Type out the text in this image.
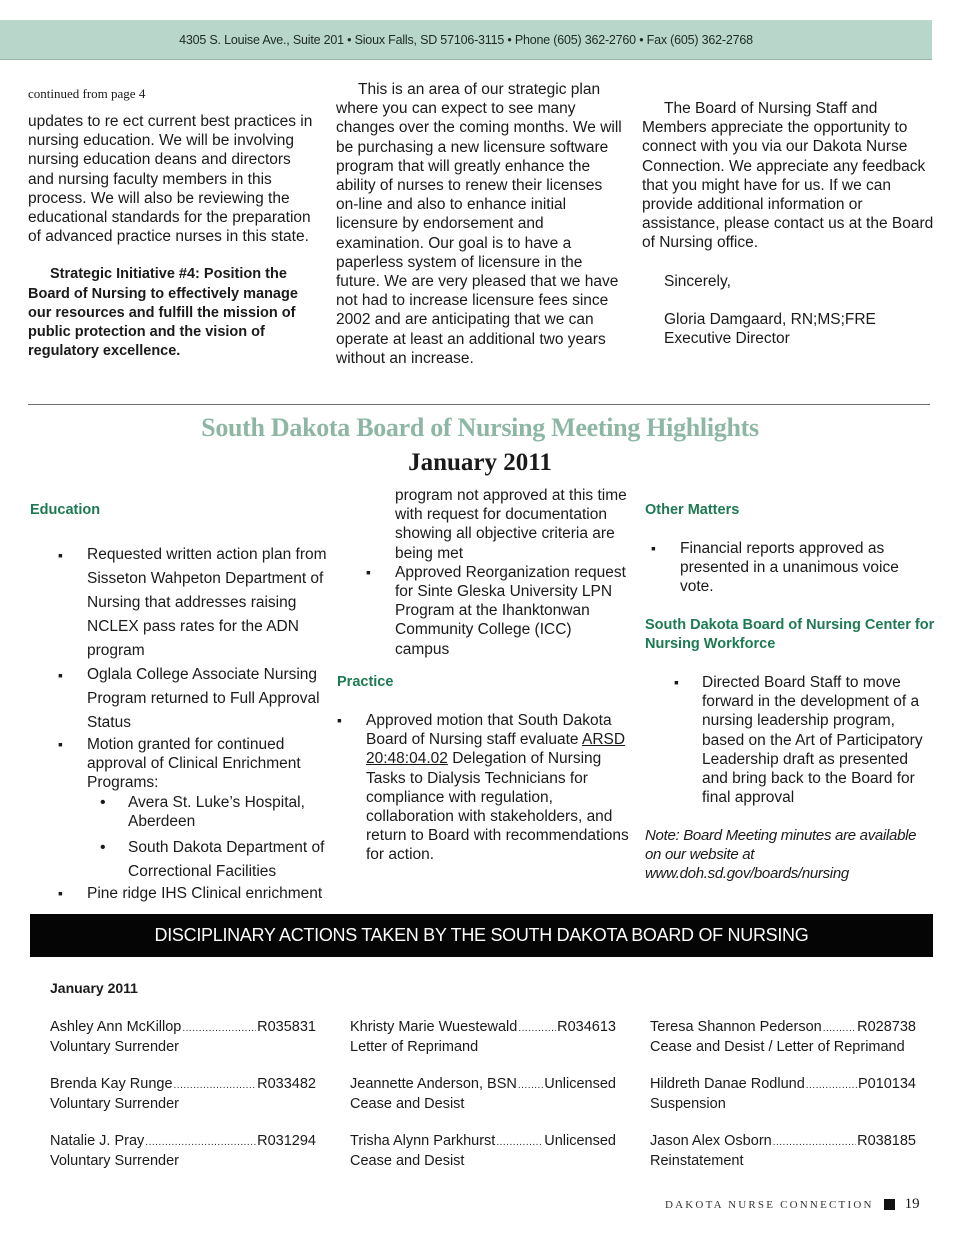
4305 S. Louise Ave., Suite 201 • Sioux Falls, SD 57106-3115 • Phone (605) 362-2760 • Fax (605) 362-2768

continued from page 4

updates to re ect current best practices in nursing education. We will be involving nursing education deans and directors and nursing faculty members in this process. We will also be reviewing the educational standards for the preparation of advanced practice nurses in this state.

Strategic Initiative #4: Position the Board of Nursing to effectively manage our resources and fulfill the mission of public protection and the vision of regulatory excellence.

This is an area of our strategic plan where you can expect to see many changes over the coming months. We will be purchasing a new licensure software program that will greatly enhance the ability of nurses to renew their licenses on-line and also to enhance initial licensure by endorsement and examination. Our goal is to have a paperless system of licensure in the future. We are very pleased that we have not had to increase licensure fees since 2002 and are anticipating that we can operate at least an additional two years without an increase.

The Board of Nursing Staff and Members appreciate the opportunity to connect with you via our Dakota Nurse Connection. We appreciate any feedback that you might have for us. If we can provide additional information or assistance, please contact us at the Board of Nursing office.

Sincerely,

Gloria Damgaard, RN;MS;FRE

Executive Director

South Dakota Board of Nursing Meeting Highlights
January 2011
Education
▪ Requested written action plan from Sisseton Wahpeton Department of Nursing that addresses raising NCLEX pass rates for the ADN program
▪ Oglala College Associate Nursing Program returned to Full Approval Status
▪ Motion granted for continued approval of Clinical Enrichment Programs:
• Avera St. Luke’s Hospital, Aberdeen
• South Dakota Department of Correctional Facilities
▪ Pine ridge IHS Clinical enrichment

program not approved at this time with request for documentation showing all objective criteria are being met

▪ Approved Reorganization request for Sinte Gleska University LPN Program at the Ihanktonwan Community College (ICC) campus
Practice
▪ Approved motion that South Dakota Board of Nursing staff evaluate ARSD 20:48:04.02 Delegation of Nursing Tasks to Dialysis Technicians for compliance with regulation, collaboration with stakeholders, and return to Board with recommendations for action.
Other Matters
▪ Financial reports approved as presented in a unanimous voice vote.
South Dakota Board of Nursing Center for Nursing Workforce
▪ Directed Board Staff to move forward in the development of a nursing leadership program, based on the Art of Participatory Leadership draft as presented and bring back to the Board for final approval
Note: Board Meeting minutes are available on our website at www.doh.sd.gov/boards/nursing
DISCIPLINARY ACTIONS TAKEN BY THE SOUTH DAKOTA BOARD OF NURSING
January 2011
Ashley Ann McKillop .....	R035831
Voluntary Surrender
Brenda Kay Runge .....	R033482
Voluntary Surrender
Natalie J. Pray .....	R031294
Voluntary Surrender
Khristy Marie Wuestewald .....	R034613
Letter of Reprimand
Jeannette Anderson, BSN ..... Unlicensed
Cease and Desist
Trisha Alynn Parkhurst .....	Unlicensed
Cease and Desist
Teresa Shannon Pederson ..... R028738
Cease and Desist / Letter of Reprimand
Hildreth Danae Rodlund .....	P010134
Suspension
Jason Alex Osborn .....	R038185
Reinstatement
DAKOTA NURSE CONNECTION 19
